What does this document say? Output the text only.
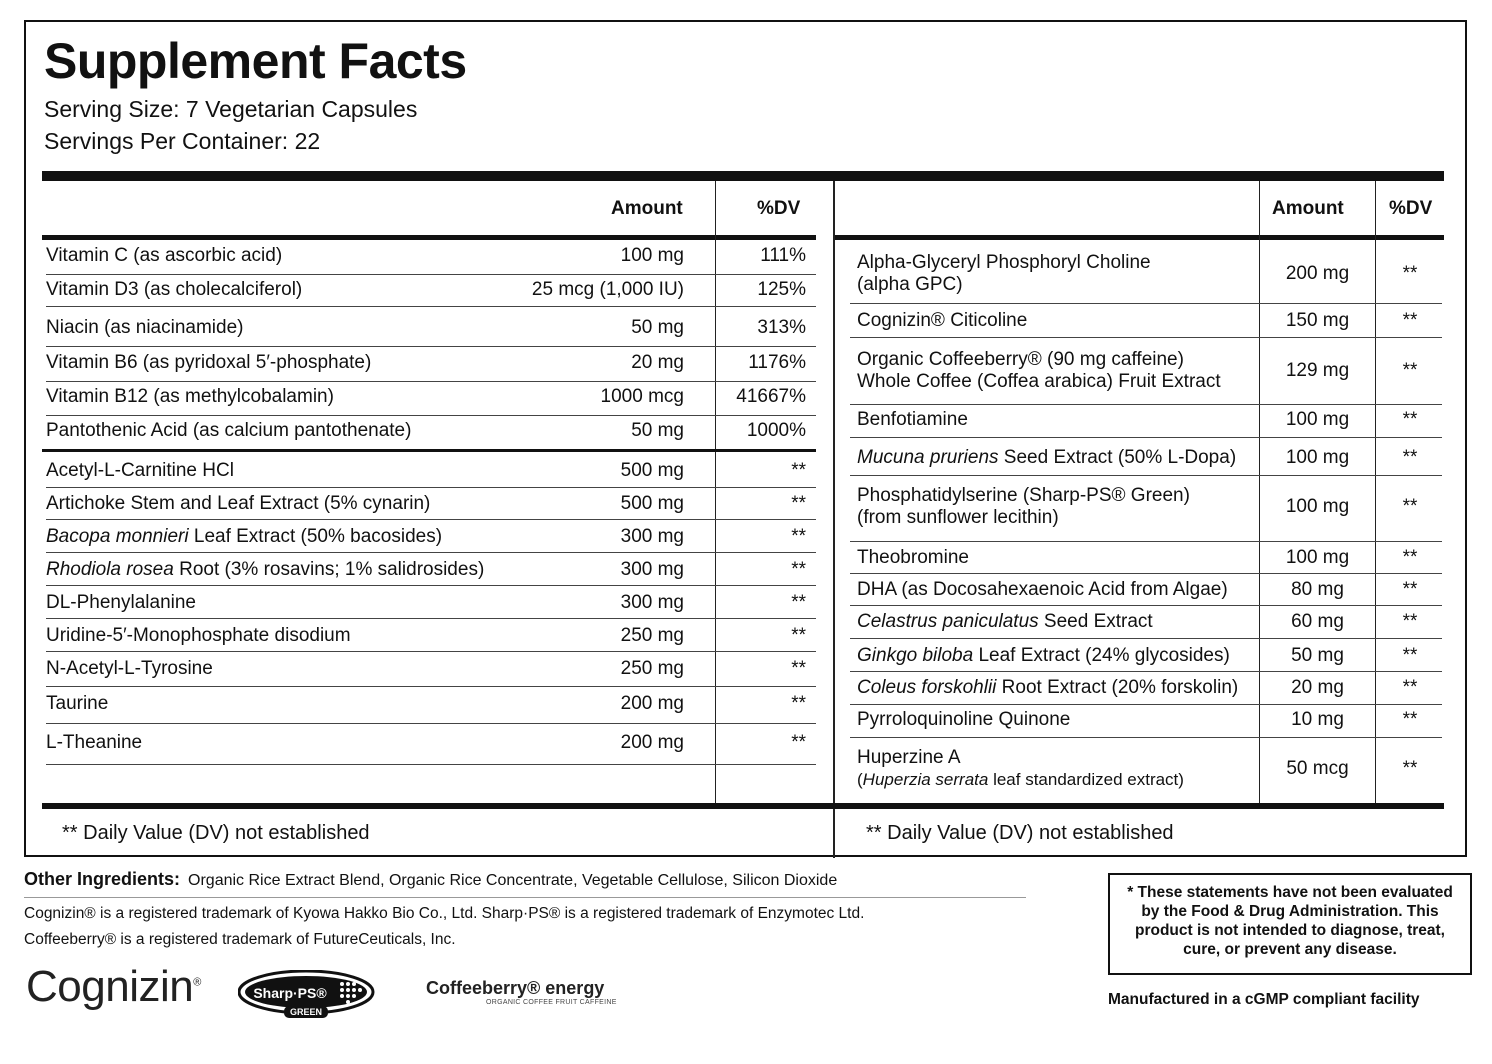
Supplement Facts
Serving Size: 7 Vegetarian Capsules
Servings Per Container: 22
Amount	%DV	Amount %DV
Vitamin C (as ascorbic acid)	100 mg	111%
Vitamin D3 (as cholecalciferol)	25 mcg (1,000 IU)	125%
Niacin (as niacinamide)	50 mg	313%
Vitamin B6 (as pyridoxal 5′-phosphate)	20 mg	1176%
Vitamin B12 (as methylcobalamin)	1000 mcg	41667%
Pantothenic Acid (as calcium pantothenate)	50 mg	1000%
Acetyl-L-Carnitine HCl	500 mg	**
Artichoke Stem and Leaf Extract (5% cynarin)	500 mg	**
Bacopa monnieri Leaf Extract (50% bacosides)	300 mg	**
Rhodiola rosea Root (3% rosavins; 1% salidrosides)	300 mg	**
DL-Phenylalanine	300 mg	**
Uridine-5′-Monophosphate disodium	250 mg	**
N-Acetyl-L-Tyrosine	250 mg	**
Taurine	200 mg	**
L-Theanine	200 mg	**
Alpha-Glyceryl Phosphoryl Choline
(alpha GPC)
200 mg	**
Cognizin® Citicoline	150 mg	**
Organic Coffeeberry® (90 mg caffeine)
Whole Coffee (Coffea arabica) Fruit Extract
129 mg	**
Benfotiamine	100 mg	**
Mucuna pruriens Seed Extract (50% L-Dopa)	100 mg	**
Phosphatidylserine (Sharp-PS® Green)
(from sunflower lecithin)
100 mg	**
Theobromine	100 mg	**
DHA (as Docosahexaenoic Acid from Algae)	80 mg	**
Celastrus paniculatus Seed Extract	60 mg	**
Ginkgo biloba Leaf Extract (24% glycosides)	50 mg	**
Coleus forskohlii Root Extract (20% forskolin)	20 mg	**
Pyrroloquinoline Quinone	10 mg	**
Huperzine A
(Huperzia serrata leaf standardized extract)
50 mcg	**
** Daily Value (DV) not established	** Daily Value (DV) not established
Other Ingredients: Organic Rice Extract Blend, Organic Rice Concentrate, Vegetable Cellulose, Silicon Dioxide
Cognizin® is a registered trademark of Kyowa Hakko Bio Co., Ltd. Sharp·PS® is a registered trademark of Enzymotec Ltd.
Coffeeberry® is a registered trademark of FutureCeuticals, Inc.
* These statements have not been evaluated by the Food & Drug Administration. This product is not intended to diagnose, treat, cure, or prevent any disease.
Manufactured in a cGMP compliant facility
Cognizin®
Sharp·PS®
GREEN
Coffeeberry® energy
ORGANIC COFFEE FRUIT CAFFEINE
